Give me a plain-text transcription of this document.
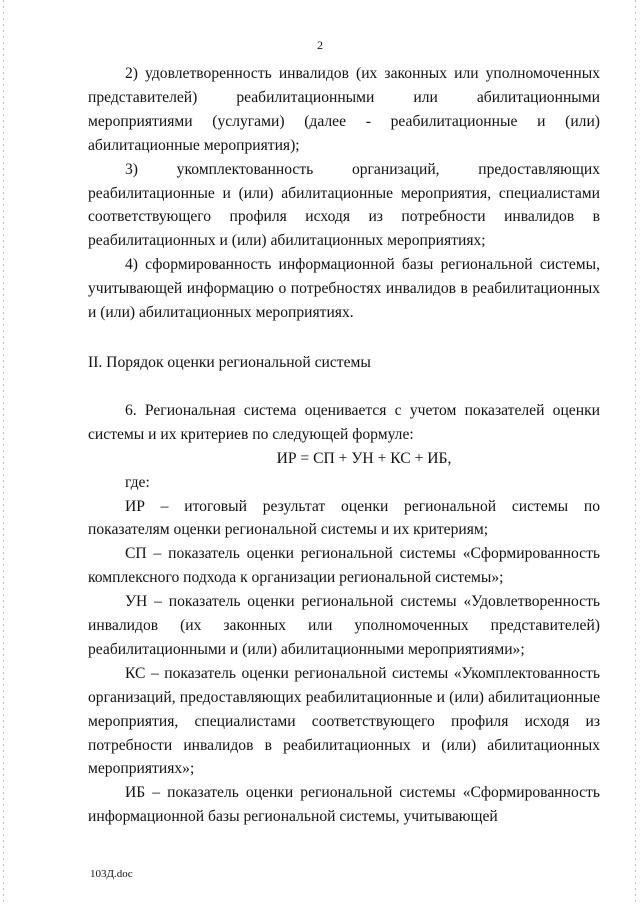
2

2) удовлетворенность инвалидов (их законных или уполномоченных представителей) реабилитационными или абилитационными мероприятиями (услугами) (далее - реабилитационные и (или) абилитационные мероприятия);

3) укомплектованность организаций, предоставляющих реабилитационные и (или) абилитационные мероприятия, специалистами соответствующего профиля исходя из потребности инвалидов в реабилитационных и (или) абилитационных мероприятиях;

4) сформированность информационной базы региональной системы, учитывающей информацию о потребностях инвалидов в реабилитационных и (или) абилитационных мероприятиях.

II. Порядок оценки региональной системы

6. Региональная система оценивается с учетом показателей оценки системы и их критериев по следующей формуле:

ИР = СП + УН + КС + ИБ,

где:

ИР – итоговый результат оценки региональной системы по показателям оценки региональной системы и их критериям;

СП – показатель оценки региональной системы «Сформированность комплексного подхода к организации региональной системы»;

УН – показатель оценки региональной системы «Удовлетворенность инвалидов (их законных или уполномоченных представителей) реабилитационными и (или) абилитационными мероприятиями»;

КС – показатель оценки региональной системы «Укомплектованность организаций, предоставляющих реабилитационные и (или) абилитационные мероприятия, специалистами соответствующего профиля исходя из потребности инвалидов в реабилитационных и (или) абилитационных мероприятиях»;

ИБ – показатель оценки региональной системы «Сформированность информационной базы региональной системы, учитывающей

103Д.doc
